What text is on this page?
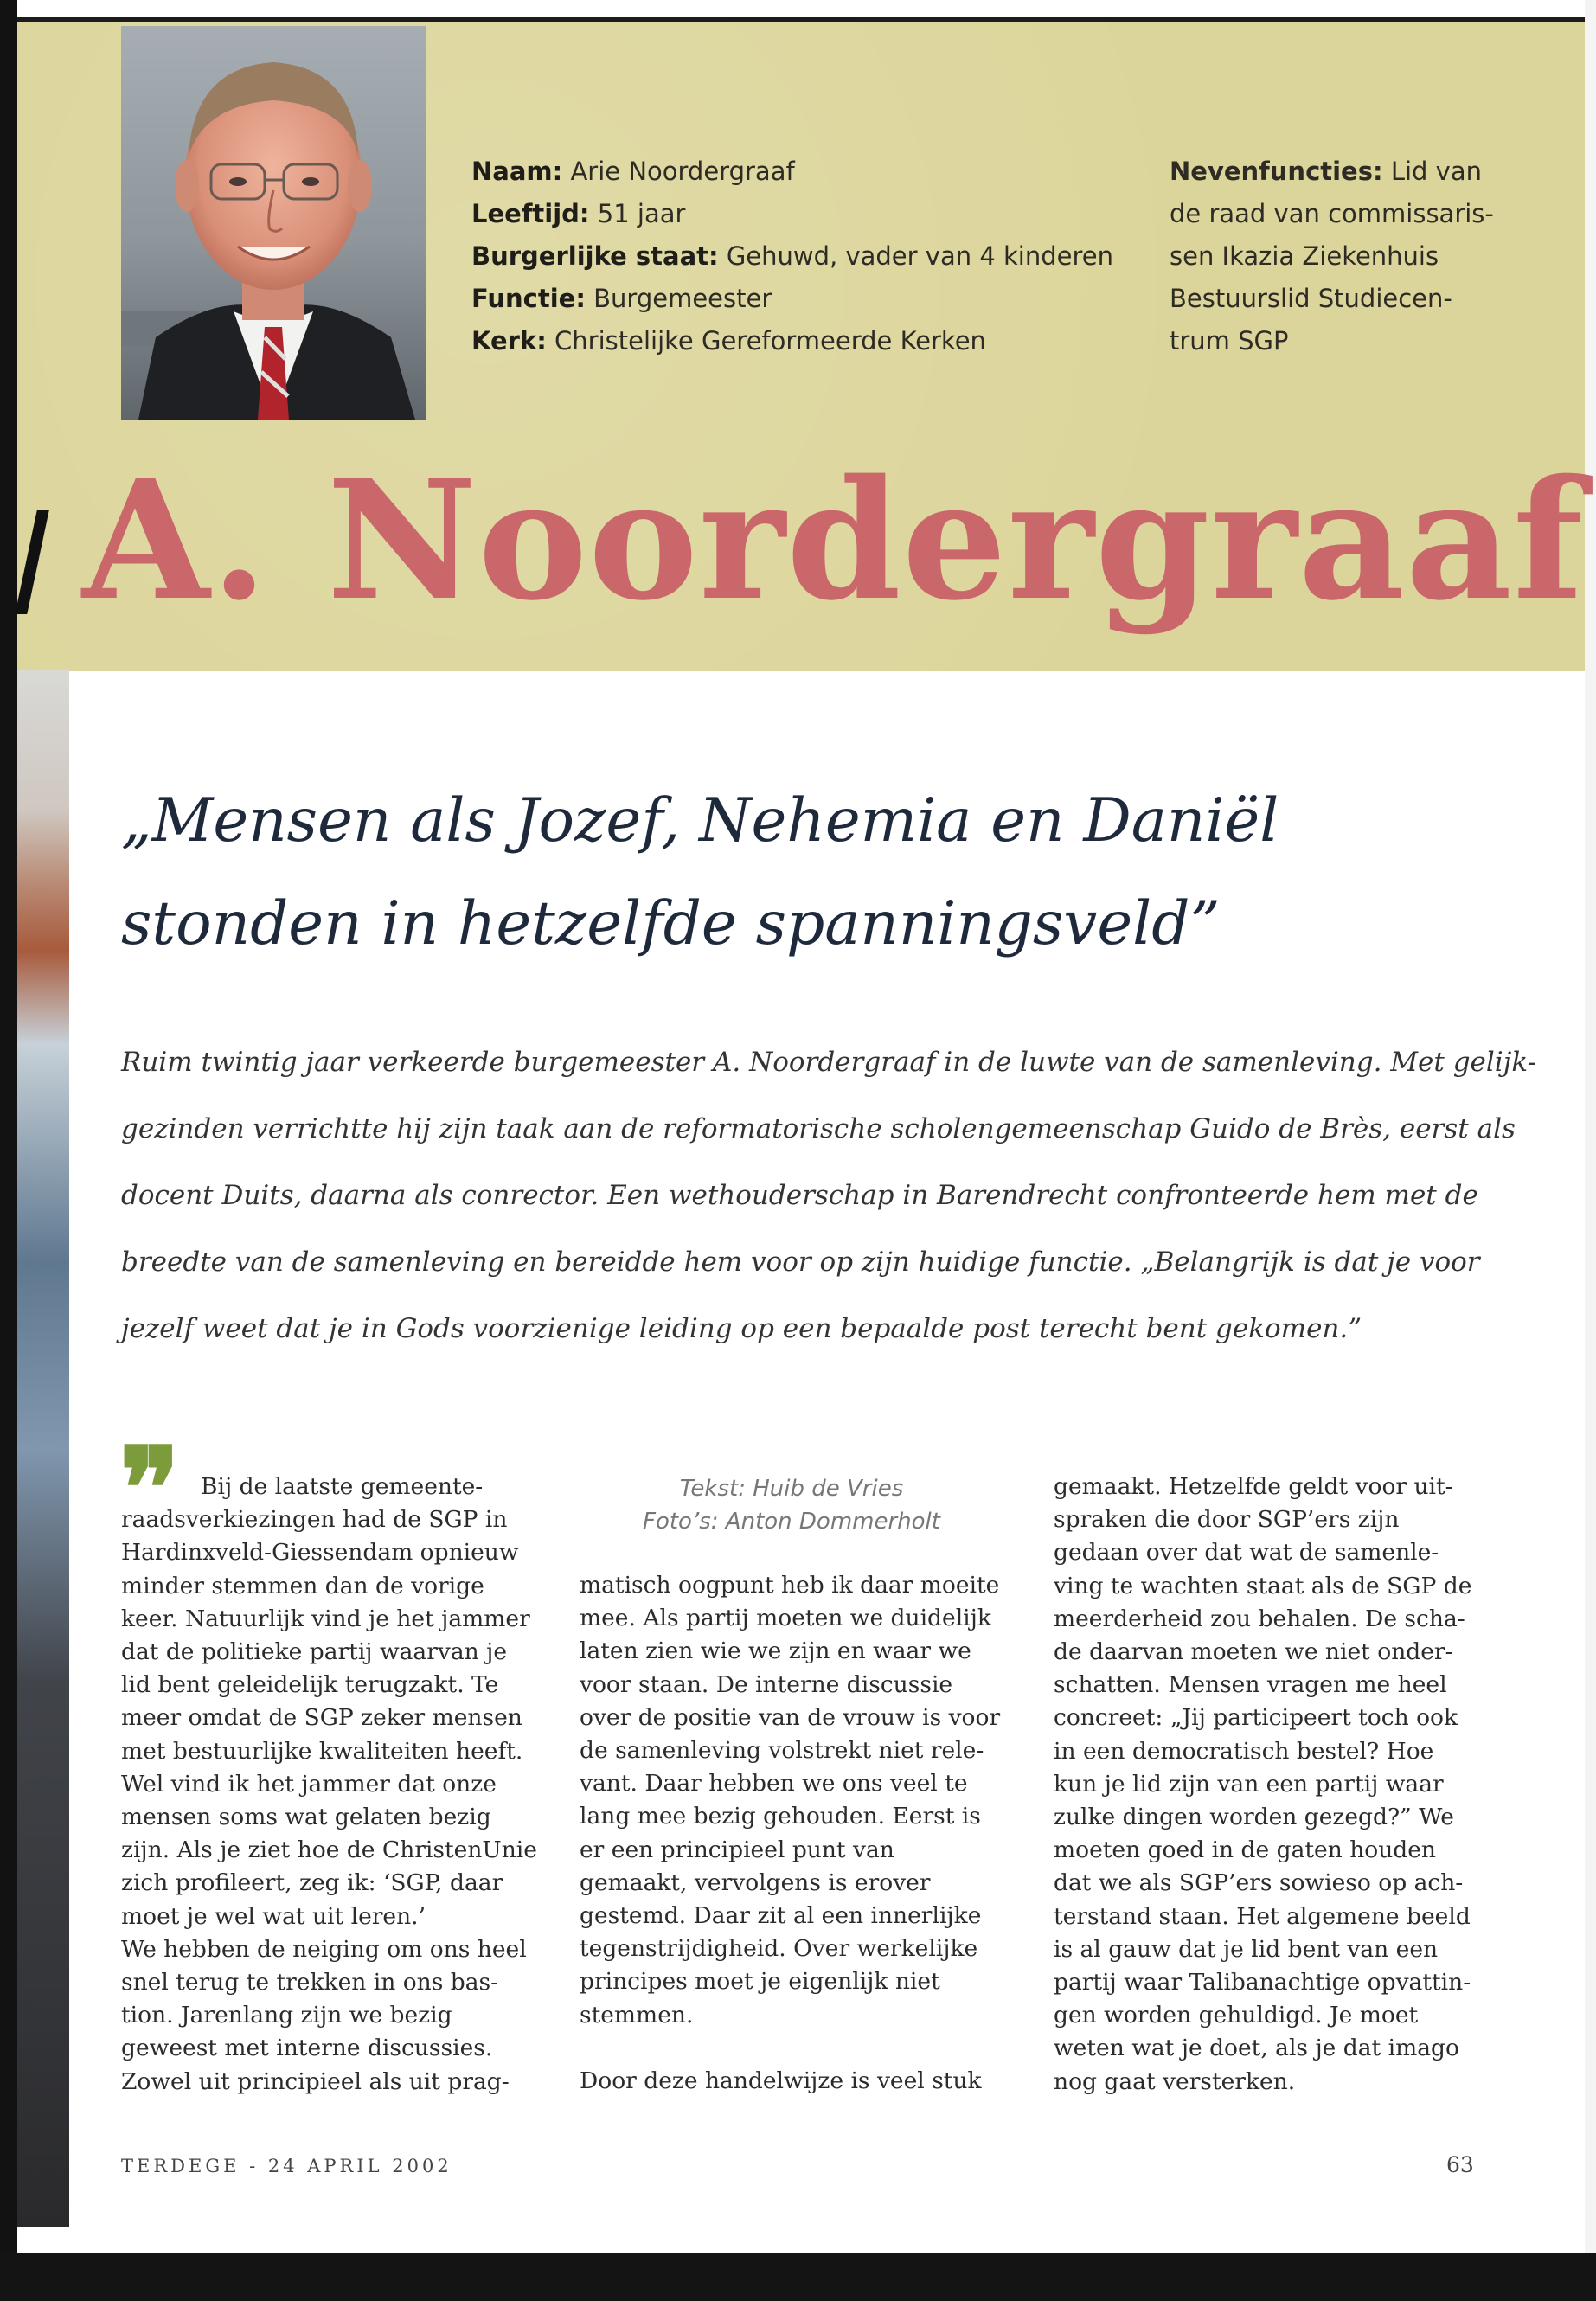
Naam: Arie Noordergraaf
Leeftijd: 51 jaar
Burgerlijke staat: Gehuwd, vader van 4 kinderen
Functie: Burgemeester
Kerk: Christelijke Gereformeerde Kerken
Nevenfuncties: Lid van
de raad van commissaris-
sen Ikazia Ziekenhuis
Bestuurslid Studiecen-
trum SGP
A. Noordergraaf
„Mensen als Jozef, Nehemia en Daniël
stonden in hetzelfde spanningsveld”
Ruim twintig jaar verkeerde burgemeester A. Noordergraaf in de luwte van de samenleving. Met gelijk-
gezinden verrichtte hij zijn taak aan de reformatorische scholengemeenschap Guido de Brès, eerst als
docent Duits, daarna als conrector. Een wethouderschap in Barendrecht confronteerde hem met de
breedte van de samenleving en bereidde hem voor op zijn huidige functie. „Belangrijk is dat je voor
jezelf weet dat je in Gods voorzienige leiding op een bepaalde post terecht bent gekomen.”
❞	Bij de laatste gemeente-
raadsverkiezingen had de SGP in
Hardinxveld-Giessendam opnieuw
minder stemmen dan de vorige
keer. Natuurlijk vind je het jammer
dat de politieke partij waarvan je
lid bent geleidelijk terugzakt. Te
meer omdat de SGP zeker mensen
met bestuurlijke kwaliteiten heeft.
Wel vind ik het jammer dat onze
mensen soms wat gelaten bezig
zijn. Als je ziet hoe de ChristenUnie
zich profileert, zeg ik: ‘SGP, daar
moet je wel wat uit leren.’
We hebben de neiging om ons heel
snel terug te trekken in ons bas-
tion. Jarenlang zijn we bezig
geweest met interne discussies.
Zowel uit principieel als uit prag-
Tekst: Huib de Vries
Foto’s: Anton Dommerholt
matisch oogpunt heb ik daar moeite
mee. Als partij moeten we duidelijk
laten zien wie we zijn en waar we
voor staan. De interne discussie
over de positie van de vrouw is voor
de samenleving volstrekt niet rele-
vant. Daar hebben we ons veel te
lang mee bezig gehouden. Eerst is
er een principieel punt van
gemaakt, vervolgens is erover
gestemd. Daar zit al een innerlijke
tegenstrijdigheid. Over werkelijke
principes moet je eigenlijk niet
stemmen.
Door deze handelwijze is veel stuk
gemaakt. Hetzelfde geldt voor uit-
spraken die door SGP’ers zijn
gedaan over dat wat de samenle-
ving te wachten staat als de SGP de
meerderheid zou behalen. De scha-
de daarvan moeten we niet onder-
schatten. Mensen vragen me heel
concreet: „Jij participeert toch ook
in een democratisch bestel? Hoe
kun je lid zijn van een partij waar
zulke dingen worden gezegd?” We
moeten goed in de gaten houden
dat we als SGP’ers sowieso op ach-
terstand staan. Het algemene beeld
is al gauw dat je lid bent van een
partij waar Talibanachtige opvattin-
gen worden gehuldigd. Je moet
weten wat je doet, als je dat imago
nog gaat versterken.
TERDEGE - 24 APRIL 2002	63
